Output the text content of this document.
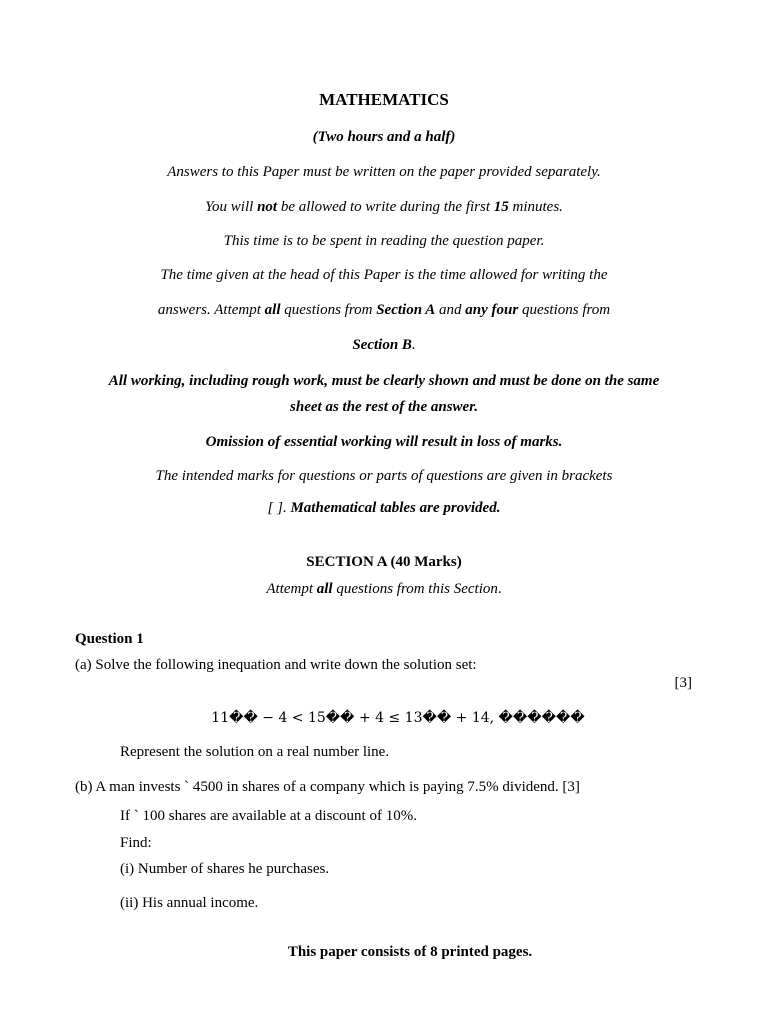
MATHEMATICS
(Two hours and a half)
Answers to this Paper must be written on the paper provided separately.
You will not be allowed to write during the first 15 minutes.
This time is to be spent in reading the question paper.
The time given at the head of this Paper is the time allowed for writing the
answers. Attempt all questions from Section A and any four questions from
Section B.
All working, including rough work, must be clearly shown and must be done on the same
sheet as the rest of the answer.
Omission of essential working will result in loss of marks.
The intended marks for questions or parts of questions are given in brackets
[ ]. Mathematical tables are provided.
SECTION A (40 Marks)
Attempt all questions from this Section.
Question 1
(a) Solve the following inequation and write down the solution set:
[3]
11�� − 4 < 15�� + 4 ≤ 13�� + 14, ������
Represent the solution on a real number line.
(b) A man invests ` 4500 in shares of a company which is paying 7.5% dividend. [3]
If ` 100 shares are available at a discount of 10%.
Find:
(i) Number of shares he purchases.
(ii) His annual income.
This paper consists of 8 printed pages.
